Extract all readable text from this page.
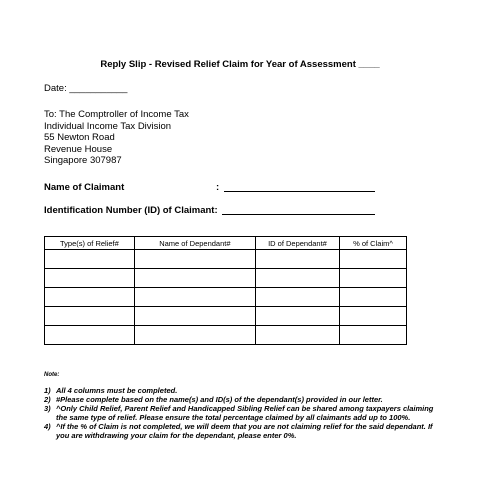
Reply Slip - Revised Relief Claim for Year of Assessment ____
Date: ___________
To: The Comptroller of Income Tax
Individual Income Tax Division
55 Newton Road
Revenue House
Singapore 307987
Name of Claimant	:
Identification Number (ID) of Claimant:
Type(s) of Relief#	Name of Dependant#	ID of Dependant#	% of Claim^

Note:
1) All 4 columns must be completed.
2) #Please complete based on the name(s) and ID(s) of the dependant(s) provided in our letter.
3) ^Only Child Relief, Parent Relief and Handicapped Sibling Relief can be shared among taxpayers claiming the same type of relief. Please ensure the total percentage claimed by all claimants add up to 100%.
4) ^If the % of Claim is not completed, we will deem that you are not claiming relief for the said dependant. If you are withdrawing your claim for the dependant, please enter 0%.
